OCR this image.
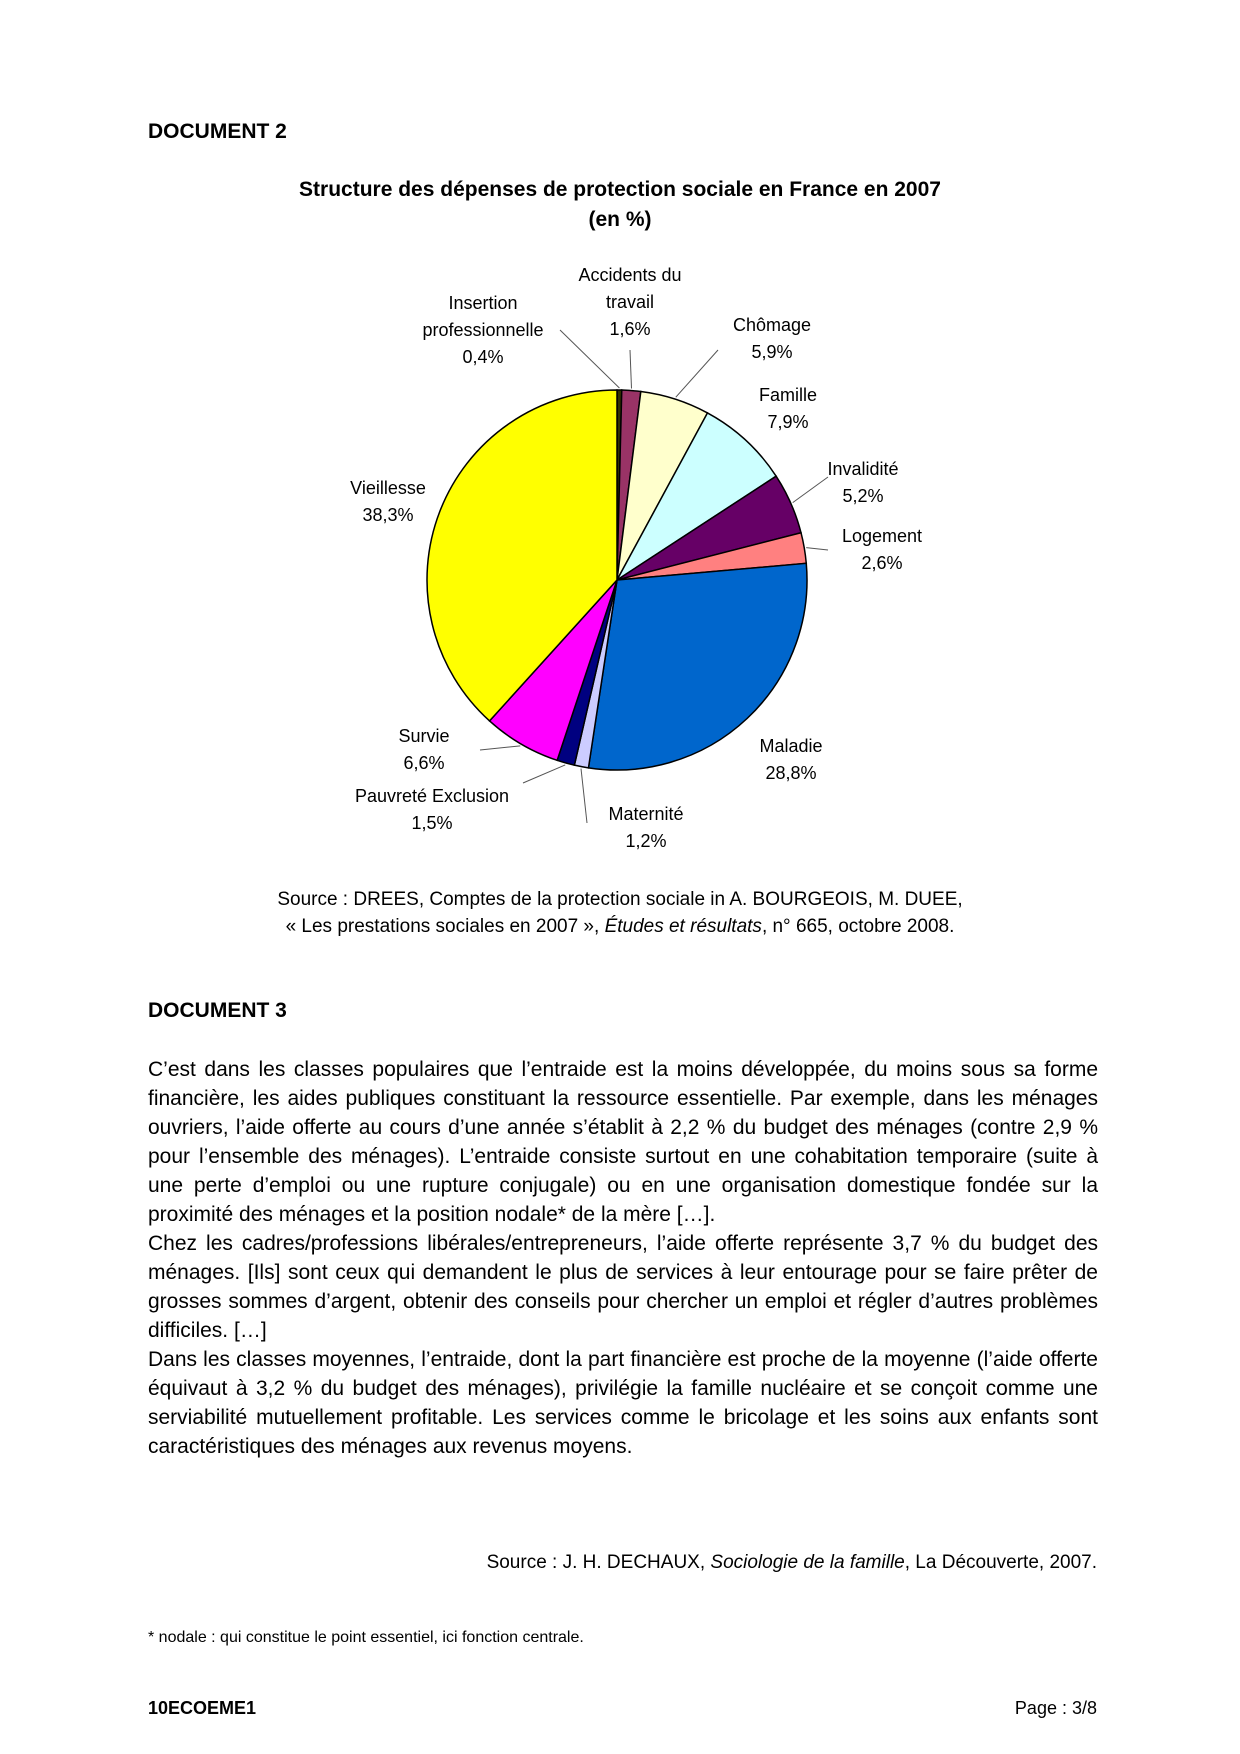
DOCUMENT 2
Structure des dépenses de protection sociale en France en 2007
(en %)
Insertion professionnelle 0,4%
Accidents du travail 1,6%	Chômage 5,9%
Famille 7,9%
Invalidité 5,2%
Logement 2,6%
Maladie 28,8%
Maternité 1,2%
Pauvreté Exclusion 1,5%
Survie 6,6%
Vieillesse 38,3%
Source : DREES, Comptes de la protection sociale in A. BOURGEOIS, M. DUEE,
« Les prestations sociales en 2007 », Études et résultats, n° 665, octobre 2008.
DOCUMENT 3

C’est dans les classes populaires que l’entraide est la moins développée, du moins sous sa forme financière, les aides publiques constituant la ressource essentielle. Par exemple, dans les ménages ouvriers, l’aide offerte au cours d’une année s’établit à 2,2 % du budget des ménages (contre 2,9 % pour l’ensemble des ménages). L’entraide consiste surtout en une cohabitation temporaire (suite à une perte d’emploi ou une rupture conjugale) ou en une organisation domestique fondée sur la proximité des ménages et la position nodale* de la mère […].

Chez les cadres/professions libérales/entrepreneurs, l’aide offerte représente 3,7 % du budget des ménages. [Ils] sont ceux qui demandent le plus de services à leur entourage pour se faire prêter de grosses sommes d’argent, obtenir des conseils pour chercher un emploi et régler d’autres problèmes difficiles. […]

Dans les classes moyennes, l’entraide, dont la part financière est proche de la moyenne (l’aide offerte équivaut à 3,2 % du budget des ménages), privilégie la famille nucléaire et se conçoit comme une serviabilité mutuellement profitable. Les services comme le bricolage et les soins aux enfants sont caractéristiques des ménages aux revenus moyens.

Source : J. H. DECHAUX, Sociologie de la famille, La Découverte, 2007.
* nodale : qui constitue le point essentiel, ici fonction centrale.
10ECOEME1	Page : 3/8
